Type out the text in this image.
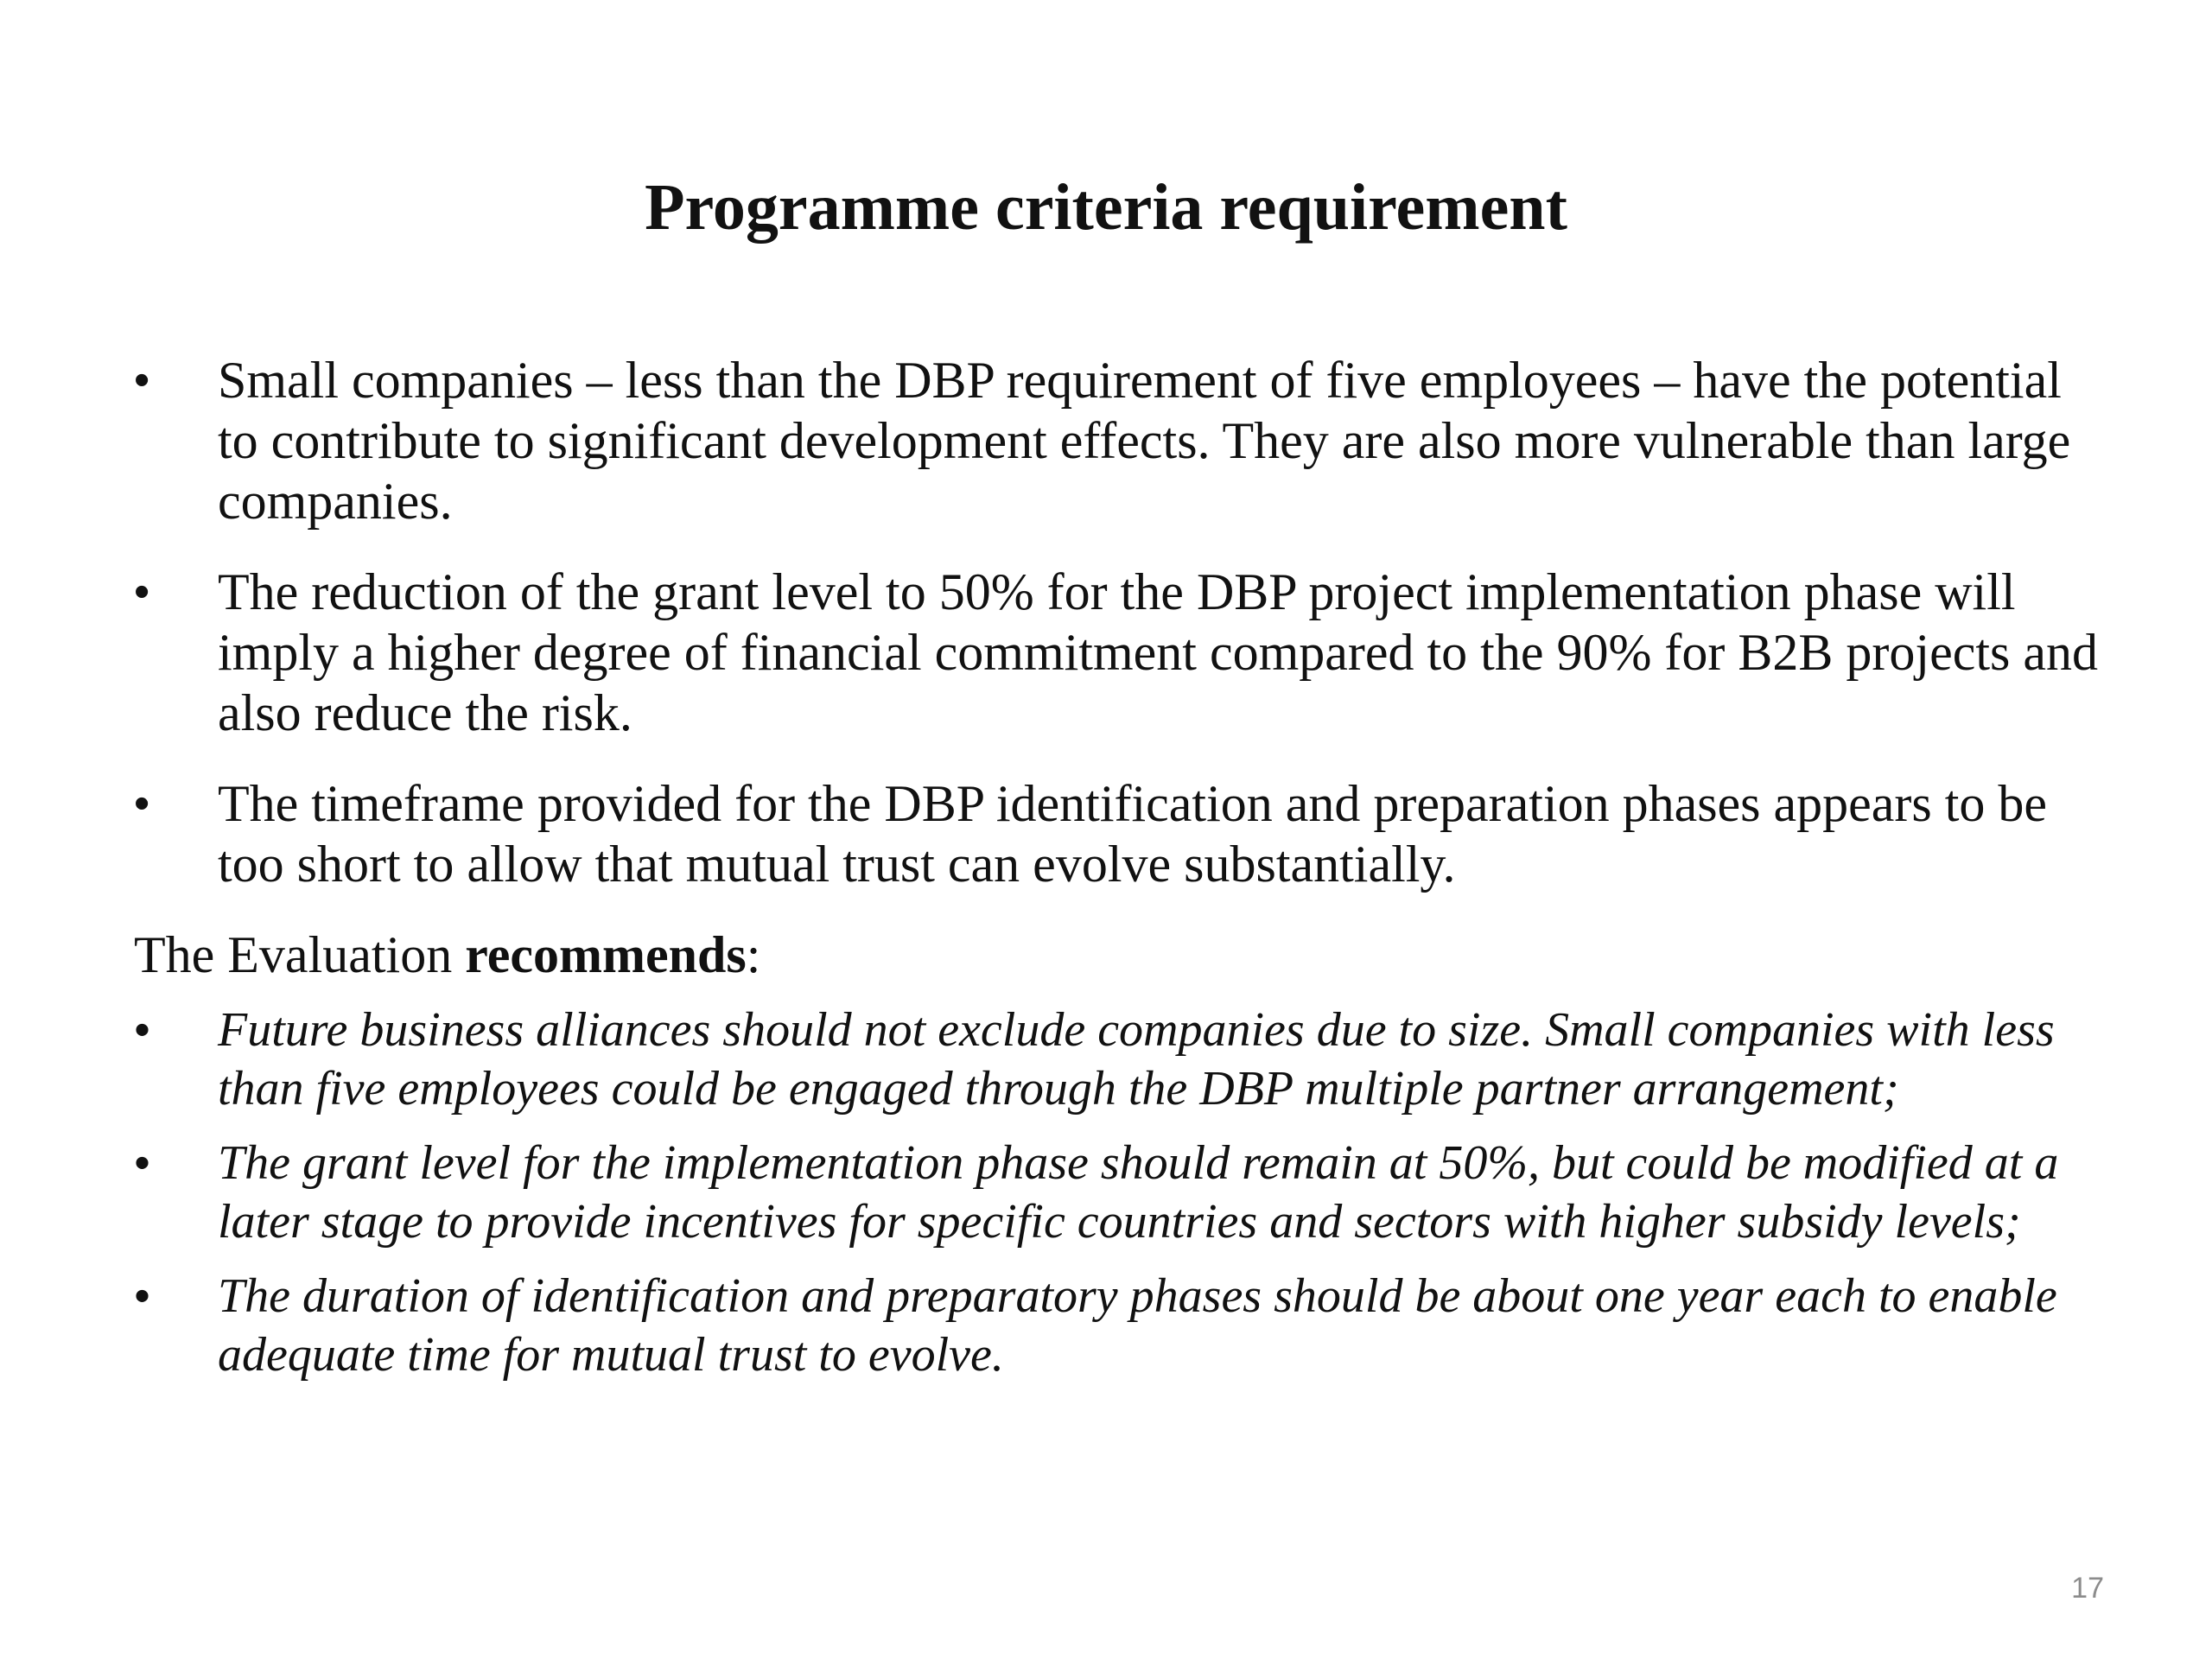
Programme criteria requirement
• Small companies – less than the DBP requirement of five employees – have the potential to contribute to significant development effects. They are also more vulnerable than large companies.
• The reduction of the grant level to 50% for the DBP project implementation phase will imply a higher degree of financial commitment compared to the 90% for B2B projects and also reduce the risk.
• The timeframe provided for the DBP identification and preparation phases appears to be too short to allow that mutual trust can evolve substantially.
The Evaluation recommends:
• Future business alliances should not exclude companies due to size. Small companies with less than five employees could be engaged through the DBP multiple partner arrangement;
• The grant level for the implementation phase should remain at 50%, but could be modified at a later stage to provide incentives for specific countries and sectors with higher subsidy levels;
• The duration of identification and preparatory phases should be about one year each to enable adequate time for mutual trust to evolve.
17
